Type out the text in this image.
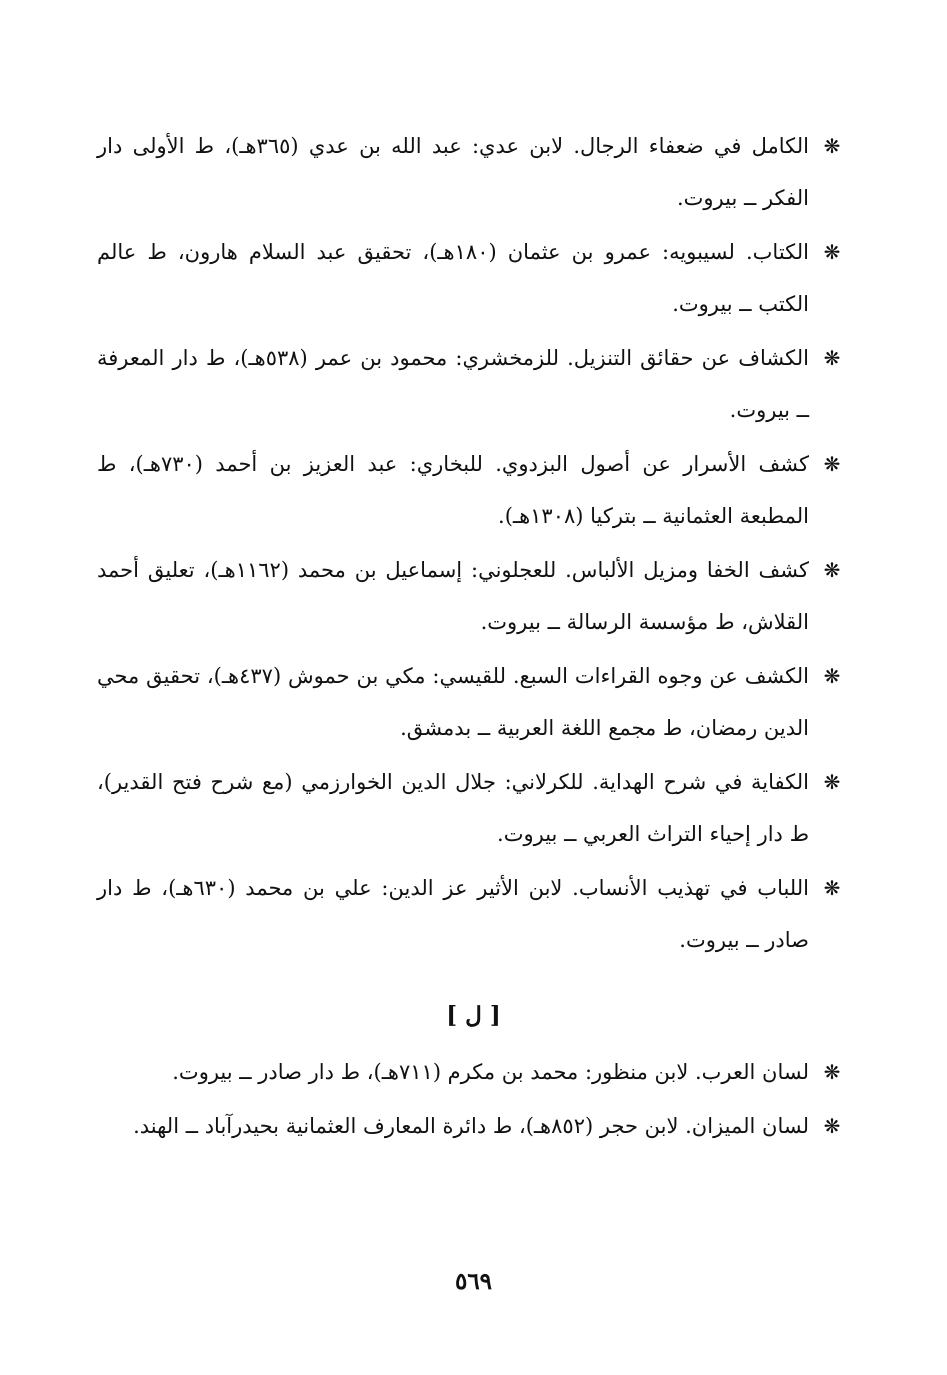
❋
الكامل في ضعفاء الرجال. لابن عدي: عبد الله بن عدي (٣٦٥هـ)، ط الأولى دار الفكر ــ بيروت.
❋
الكتاب. لسيبويه: عمرو بن عثمان (١٨٠هـ)، تحقيق عبد السلام هارون، ط عالم الكتب ــ بيروت.
❋
الكشاف عن حقائق التنزيل. للزمخشري: محمود بن عمر (٥٣٨هـ)، ط دار المعرفة ــ بيروت.
❋
كشف الأسرار عن أصول البزدوي. للبخاري: عبد العزيز بن أحمد (٧٣٠هـ)، ط المطبعة العثمانية ــ بتركيا (١٣٠٨هـ).
❋
كشف الخفا ومزيل الألباس. للعجلوني: إسماعيل بن محمد (١١٦٢هـ)، تعليق أحمد القلاش، ط مؤسسة الرسالة ــ بيروت.
❋
الكشف عن وجوه القراءات السبع. للقيسي: مكي بن حموش (٤٣٧هـ)، تحقيق محي الدين رمضان، ط مجمع اللغة العربية ــ بدمشق.
❋
الكفاية في شرح الهداية. للكرلاني: جلال الدين الخوارزمي (مع شرح فتح القدير)، ط دار إحياء التراث العربي ــ بيروت.
❋
اللباب في تهذيب الأنساب. لابن الأثير عز الدين: علي بن محمد (٦٣٠هـ)، ط دار صادر ــ بيروت.
[ ل ]
❋
لسان العرب. لابن منظور: محمد بن مكرم (٧١١هـ)، ط دار صادر ــ بيروت.
❋
لسان الميزان. لابن حجر (٨٥٢هـ)، ط دائرة المعارف العثمانية بحيدرآباد ــ الهند.
٥٦٩
